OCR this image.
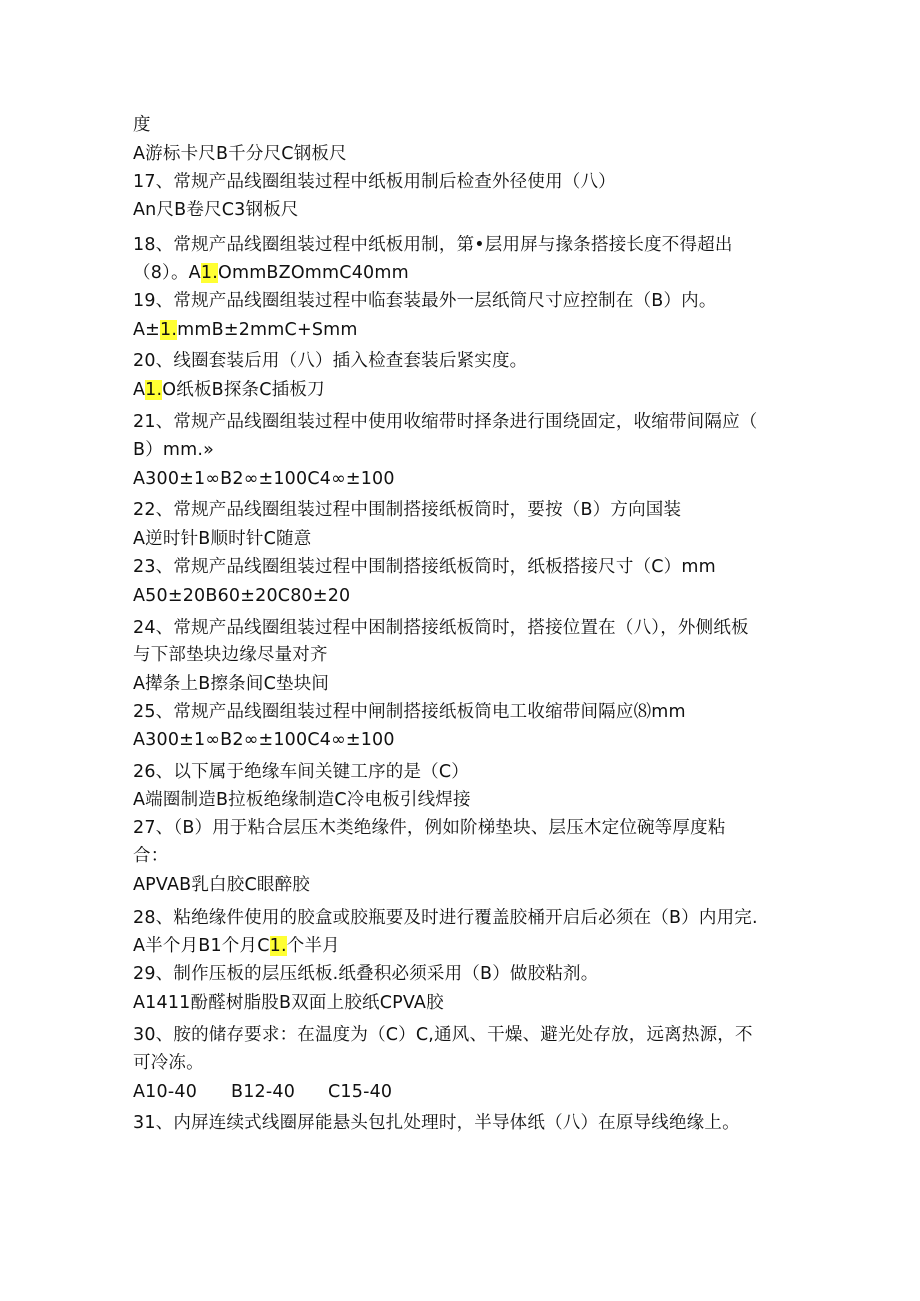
度
A游标卡尺B千分尺C钢板尺
17、常规产品线圈组装过程中纸板用制后检查外径使用（八）
An尺B卷尺C3钢板尺
18、常规产品线圈组装过程中纸板用制，第•层用屏与掾条搭接长度不得超出
（8）。A1.OmmBZOmmC40mm
19、常规产品线圈组装过程中临套装最外一层纸筒尺寸应控制在（B）内。
A±1.mmB±2mmC+Smm
20、线圈套装后用（八）插入检查套装后紧实度。
A1.O纸板B探条C插板刀
21、常规产品线圈组装过程中使用收缩带时择条进行围绕固定，收缩带间隔应（
B）mm.»
A300±1∞B2∞±100C4∞±100
22、常规产品线圈组装过程中围制搭接纸板筒时，要按（B）方向国装
A逆时针B顺时针C随意
23、常规产品线圈组装过程中围制搭接纸板筒时，纸板搭接尺寸（C）mm
A50±20B60±20C80±20
24、常规产品线圈组装过程中困制搭接纸板筒时，搭接位置在（八），外侧纸板
与下部垫块边缘尽量对齐
A撵条上B擦条间C垫块间
25、常规产品线圈组装过程中闸制搭接纸板筒电工收缩带间隔应⑻mm
A300±1∞B2∞±100C4∞±100
26、以下属于绝缘车间关键工序的是（C）
A端圈制造B拉板绝缘制造C冷电板引线焊接
27、（B）用于粘合层压木类绝缘件，例如阶梯垫块、层压木定位碗等厚度粘
合：
APVAB乳白胶C眼醉胶
28、粘绝缘件使用的胶盒或胶瓶要及时进行覆盖胶桶开启后必须在（B）内用完.
A半个月B1个月C1.个半月
29、制作压板的层压纸板.纸叠积必须采用（B）做胶粘剂。
A1411酚醛树脂股B双面上胶纸CPVA胶
30、胺的储存要求：在温度为（C）C,通风、干燥、避光处存放，远离热源，不
可冷冻。
A10-40 B12-40 C15-40
31、内屏连续式线圈屏能悬头包扎处理时，半导体纸（八）在原导线绝缘上。
